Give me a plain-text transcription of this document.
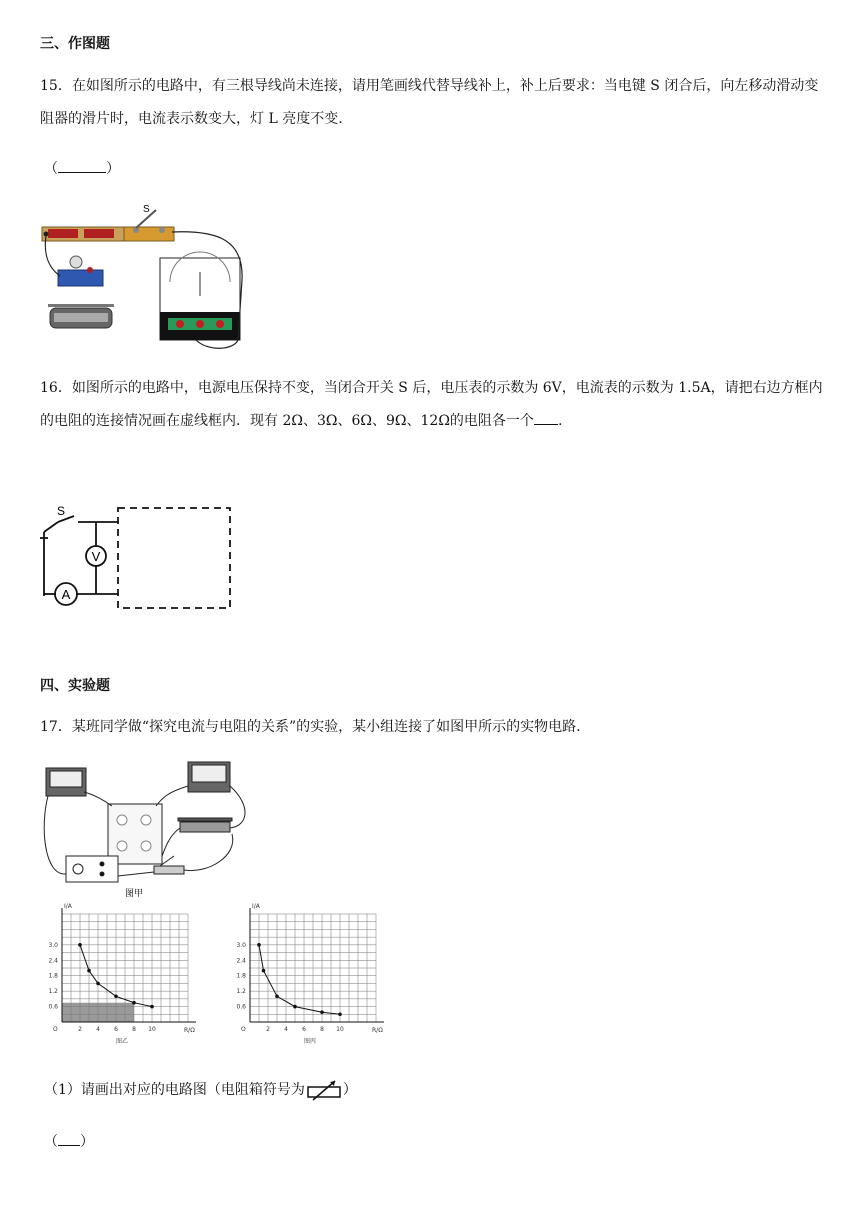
三、作图题
15．在如图所示的电路中，有三根导线尚未连接，请用笔画线代替导线补上，补上后要求：当电键 S 闭合后，向左移动滑动变阻器的滑片时，电流表示数变大，灯 L 亮度不变.
（	）
S
16．如图所示的电路中，电源电压保持不变，当闭合开关 S 后，电压表的示数为 6V，电流表的示数为 1.5A，请把右边方框内的电阻的连接情况画在虚线框内．现有 2Ω、3Ω、6Ω、9Ω、12Ω的电阻各一个 .
S
V
A
四、实验题
17．某班同学做“探究电流与电阻的关系”的实验，某小组连接了如图甲所示的实物电路.
图甲
2 4 6 8 10
0.6
1.2
1.8
2.4
3.0
O
I/A
R/Ω
图乙
2 4 6 8 10
0.6
1.2
1.8
2.4
3.0
O
I/A
R/Ω
图丙
（1）请画出对应的电路图（电阻箱符号为	）
（ ）
